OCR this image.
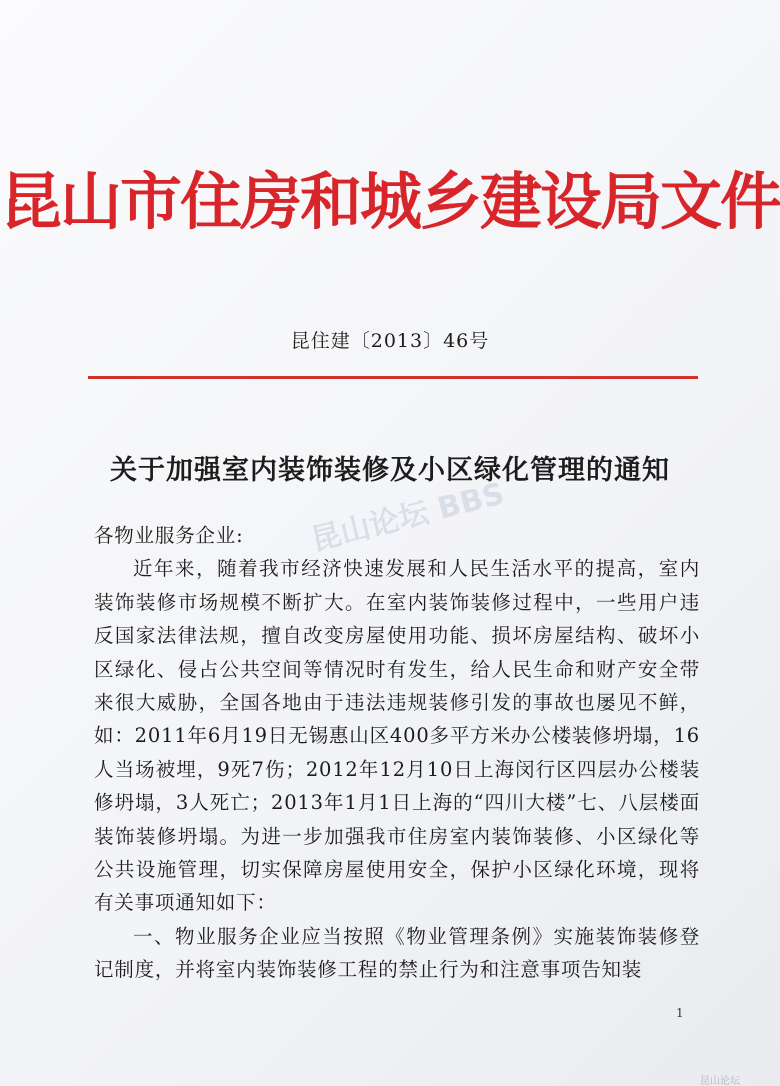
昆山市住房和城乡建设局文件
昆住建〔2013〕46号
关于加强室内装饰装修及小区绿化管理的通知
昆山论坛 BBS

各物业服务企业:

近年来，随着我市经济快速发展和人民生活水平的提高，室内装饰装修市场规模不断扩大。在室内装饰装修过程中，一些用户违反国家法律法规，擅自改变房屋使用功能、损坏房屋结构、破坏小区绿化、侵占公共空间等情况时有发生，给人民生命和财产安全带来很大威胁，全国各地由于违法违规装修引发的事故也屡见不鲜，如：2011年6月19日无锡惠山区400多平方米办公楼装修坍塌，16人当场被埋，9死7伤；2012年12月10日上海闵行区四层办公楼装修坍塌，3人死亡；2013年1月1日上海的“四川大楼”七、八层楼面装饰装修坍塌。为进一步加强我市住房室内装饰装修、小区绿化等公共设施管理，切实保障房屋使用安全，保护小区绿化环境，现将有关事项通知如下：

一、物业服务企业应当按照《物业管理条例》实施装饰装修登记制度，并将室内装饰装修工程的禁止行为和注意事项告知装

1
昆山论坛
